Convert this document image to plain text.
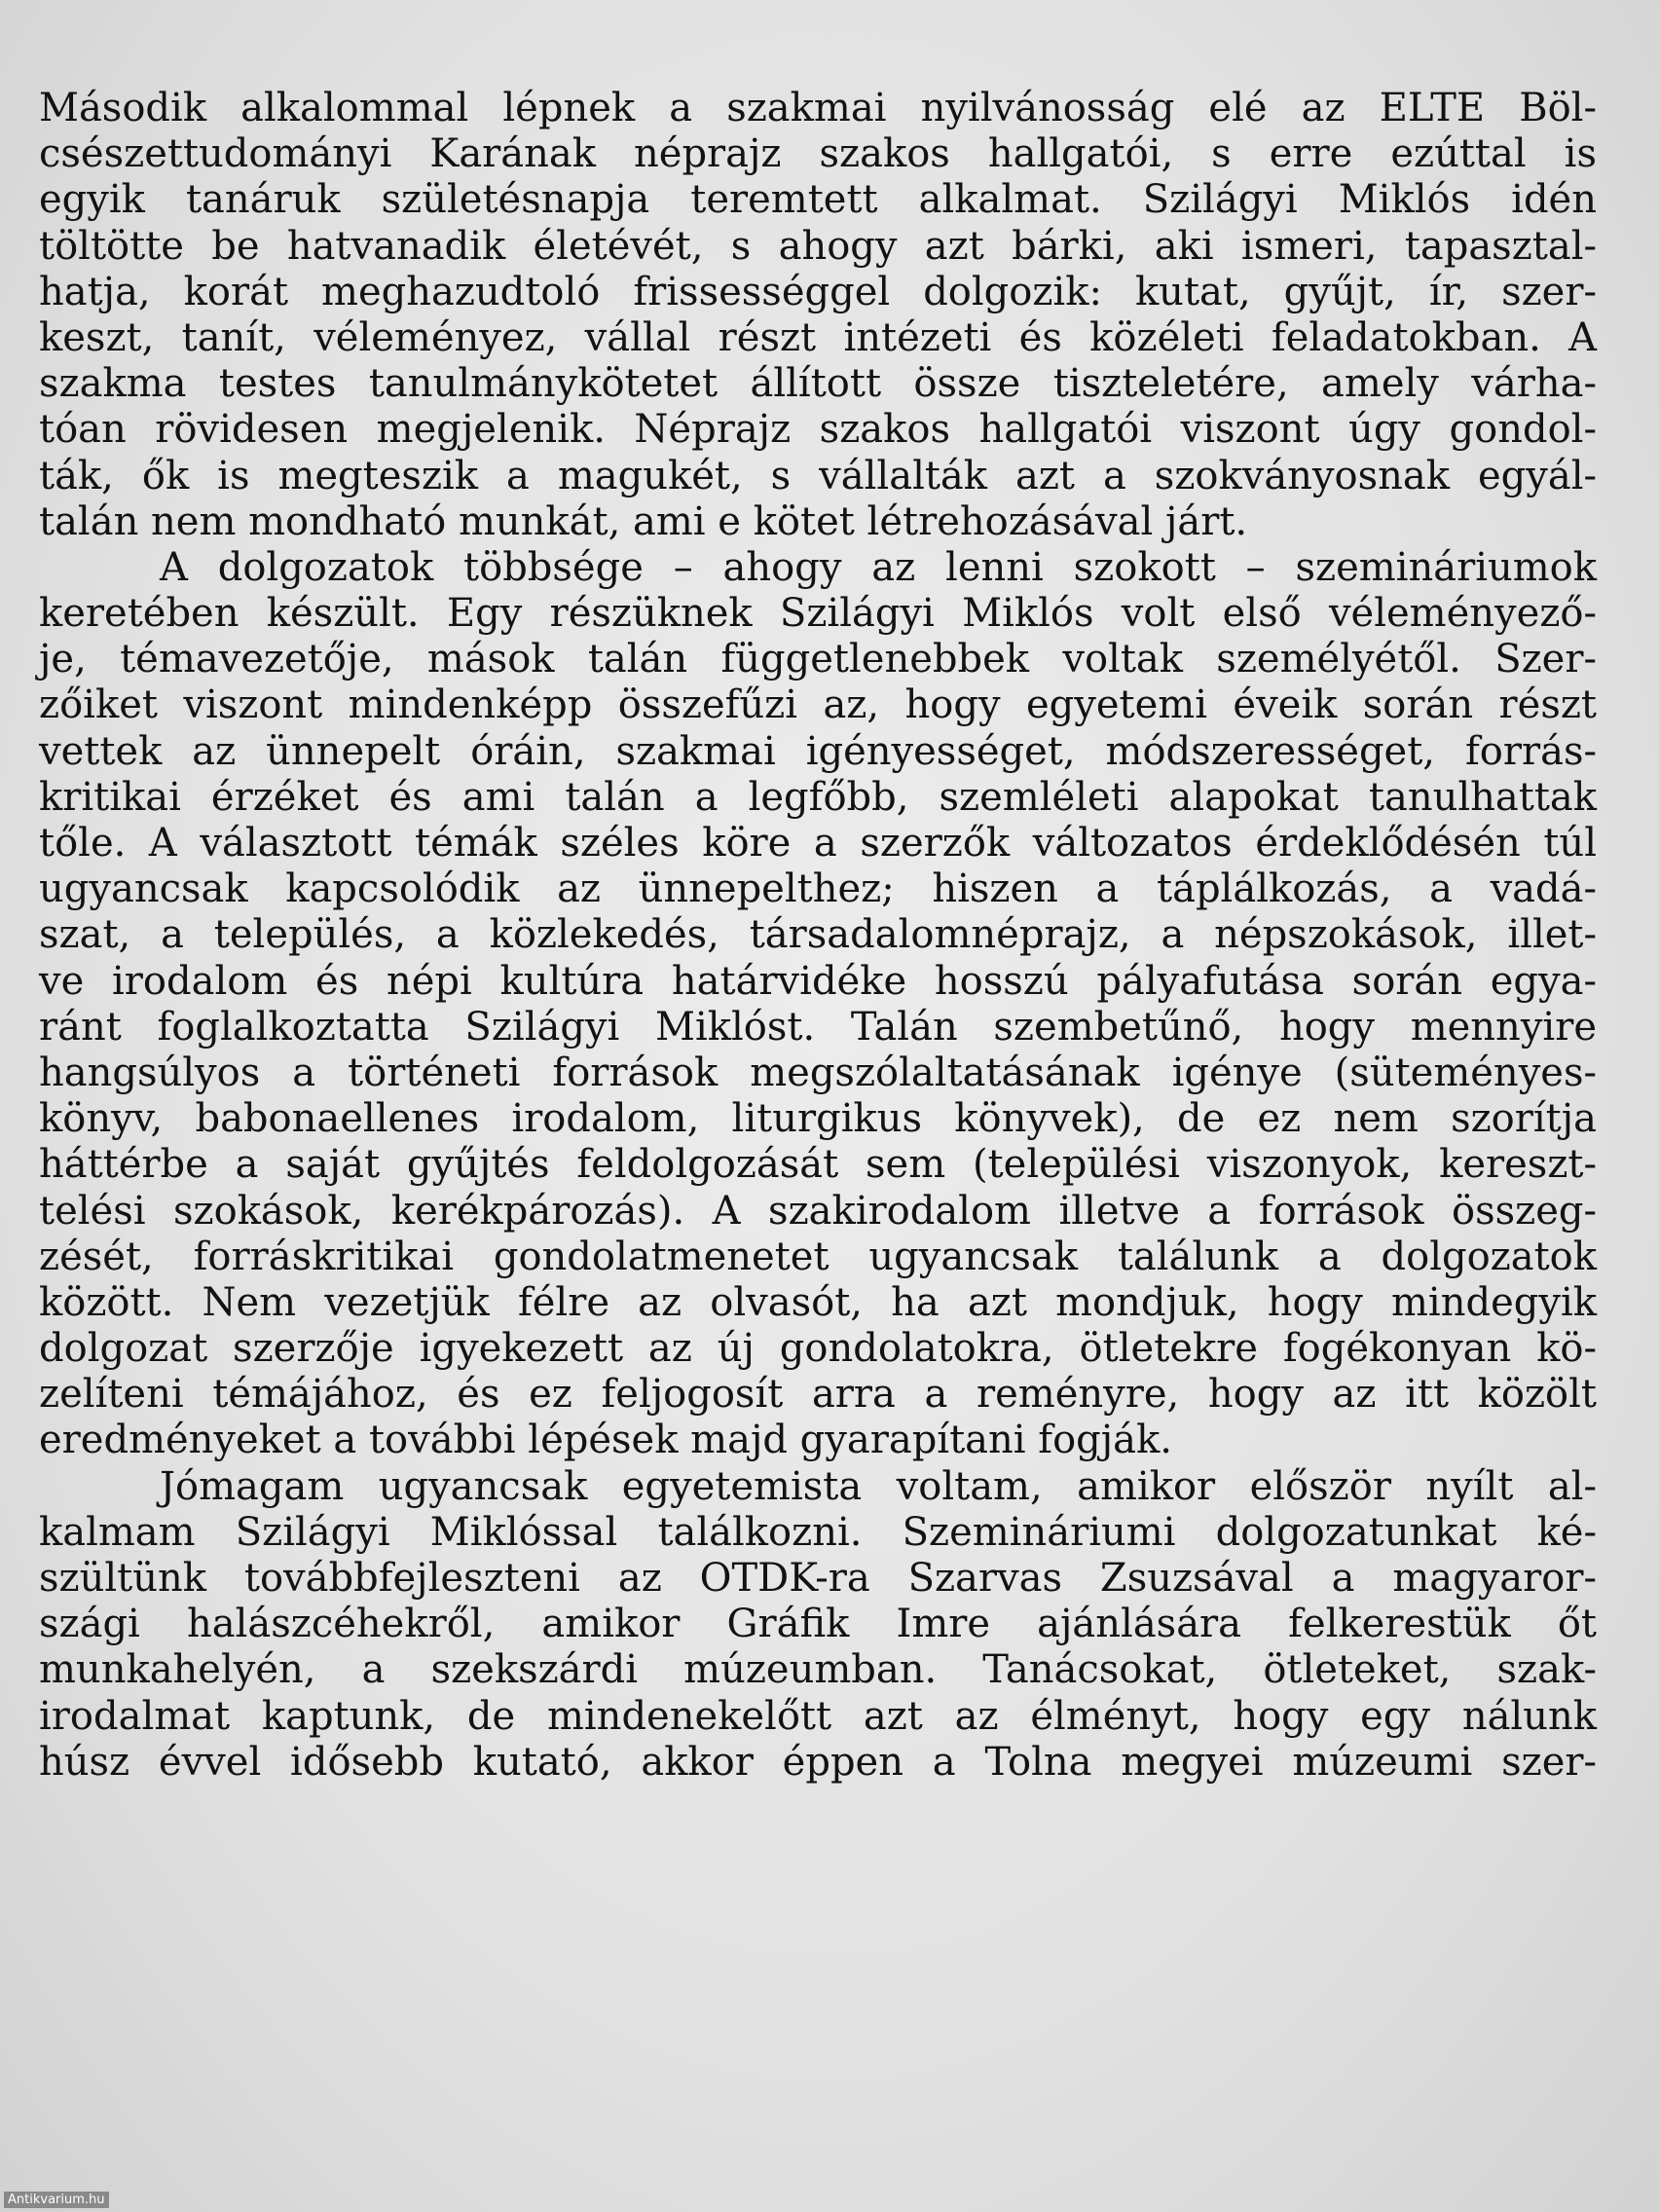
Második alkalommal lépnek a szakmai nyilvánosság elé az ELTE Böl-
csészettudományi Karának néprajz szakos hallgatói, s erre ezúttal is
egyik tanáruk születésnapja teremtett alkalmat. Szilágyi Miklós idén
töltötte be hatvanadik életévét, s ahogy azt bárki, aki ismeri, tapasztal-
hatja, korát meghazudtoló frissességgel dolgozik: kutat, gyűjt, ír, szer-
keszt, tanít, véleményez, vállal részt intézeti és közéleti feladatokban. A
szakma testes tanulmánykötetet állított össze tiszteletére, amely várha-
tóan rövidesen megjelenik. Néprajz szakos hallgatói viszont úgy gondol-
ták, ők is megteszik a magukét, s vállalták azt a szokványosnak egyál-
talán nem mondható munkát, ami e kötet létrehozásával járt.
A dolgozatok többsége – ahogy az lenni szokott – szemináriumok
keretében készült. Egy részüknek Szilágyi Miklós volt első véleményező-
je, témavezetője, mások talán függetlenebbek voltak személyétől. Szer-
zőiket viszont mindenképp összefűzi az, hogy egyetemi éveik során részt
vettek az ünnepelt óráin, szakmai igényességet, módszerességet, forrás-
kritikai érzéket és ami talán a legfőbb, szemléleti alapokat tanulhattak
tőle. A választott témák széles köre a szerzők változatos érdeklődésén túl
ugyancsak kapcsolódik az ünnepelthez; hiszen a táplálkozás, a vadá-
szat, a település, a közlekedés, társadalomnéprajz, a népszokások, illet-
ve irodalom és népi kultúra határvidéke hosszú pályafutása során egya-
ránt foglalkoztatta Szilágyi Miklóst. Talán szembetűnő, hogy mennyire
hangsúlyos a történeti források megszólaltatásának igénye (süteményes-
könyv, babonaellenes irodalom, liturgikus könyvek), de ez nem szorítja
háttérbe a saját gyűjtés feldolgozását sem (települési viszonyok, kereszt-
telési szokások, kerékpározás). A szakirodalom illetve a források összeg-
zését, forráskritikai gondolatmenetet ugyancsak találunk a dolgozatok
között. Nem vezetjük félre az olvasót, ha azt mondjuk, hogy mindegyik
dolgozat szerzője igyekezett az új gondolatokra, ötletekre fogékonyan kö-
zelíteni témájához, és ez feljogosít arra a reményre, hogy az itt közölt
eredményeket a további lépések majd gyarapítani fogják.
Jómagam ugyancsak egyetemista voltam, amikor először nyílt al-
kalmam Szilágyi Miklóssal találkozni. Szemináriumi dolgozatunkat ké-
szültünk továbbfejleszteni az OTDK-ra Szarvas Zsuzsával a magyaror-
szági halászcéhekről, amikor Gráfik Imre ajánlására felkerestük őt
munkahelyén, a szekszárdi múzeumban. Tanácsokat, ötleteket, szak-
irodalmat kaptunk, de mindenekelőtt azt az élményt, hogy egy nálunk
húsz évvel idősebb kutató, akkor éppen a Tolna megyei múzeumi szer-
Antikvarium.hu
